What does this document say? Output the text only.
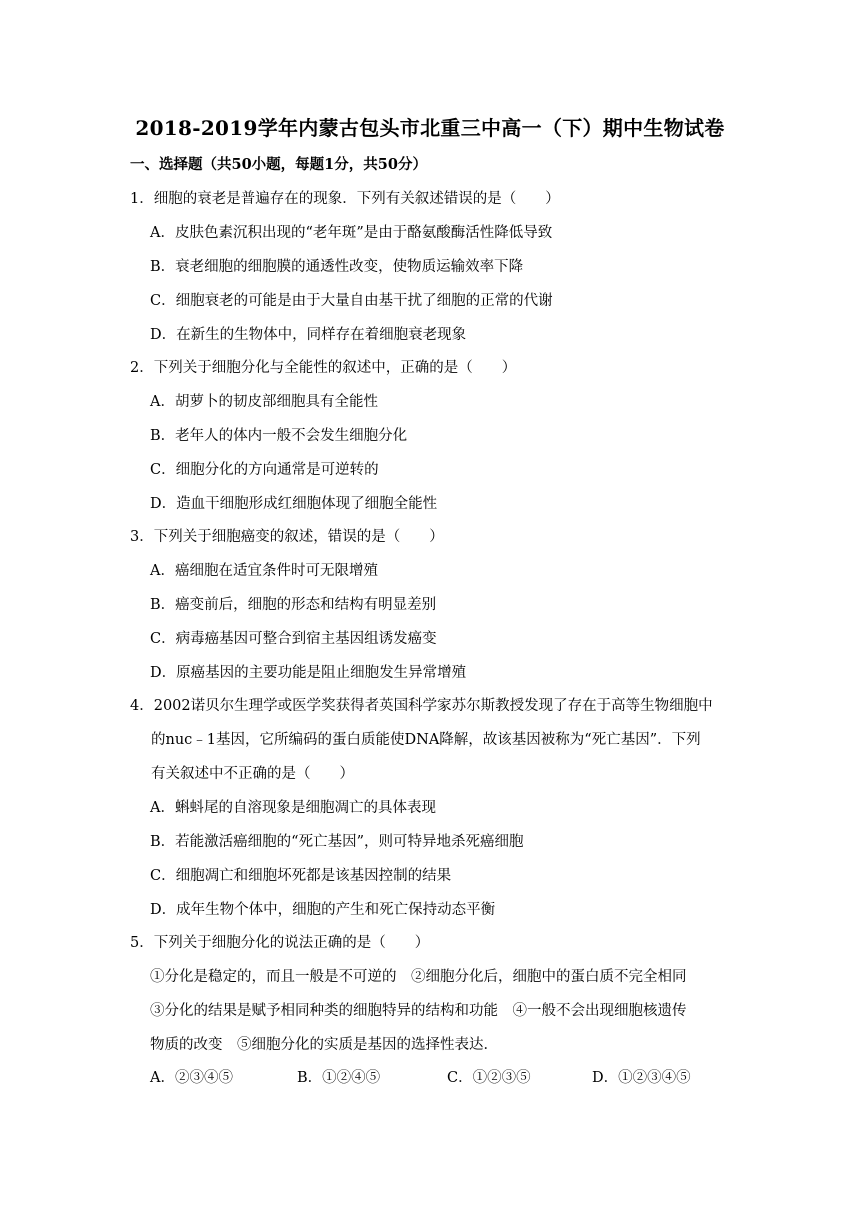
2018-2019学年内蒙古包头市北重三中高一（下）期中生物试卷
一、选择题（共50小题，每题1分，共50分）
1．细胞的衰老是普遍存在的现象．下列有关叙述错误的是（　　）
A．皮肤色素沉积出现的“老年斑”是由于酪氨酸酶活性降低导致
B．衰老细胞的细胞膜的通透性改变，使物质运输效率下降
C．细胞衰老的可能是由于大量自由基干扰了细胞的正常的代谢
D．在新生的生物体中，同样存在着细胞衰老现象
2．下列关于细胞分化与全能性的叙述中，正确的是（　　）
A．胡萝卜的韧皮部细胞具有全能性
B．老年人的体内一般不会发生细胞分化
C．细胞分化的方向通常是可逆转的
D．造血干细胞形成红细胞体现了细胞全能性
3．下列关于细胞癌变的叙述，错误的是（　　）
A．癌细胞在适宜条件时可无限增殖
B．癌变前后，细胞的形态和结构有明显差别
C．病毒癌基因可整合到宿主基因组诱发癌变
D．原癌基因的主要功能是阻止细胞发生异常增殖
4．2002诺贝尔生理学或医学奖获得者英国科学家苏尔斯教授发现了存在于高等生物细胞中
的nuc﹣1基因，它所编码的蛋白质能使DNA降解，故该基因被称为“死亡基因”．下列
有关叙述中不正确的是（　　）
A．蝌蚪尾的自溶现象是细胞凋亡的具体表现
B．若能激活癌细胞的“死亡基因”，则可特异地杀死癌细胞
C．细胞凋亡和细胞坏死都是该基因控制的结果
D．成年生物个体中，细胞的产生和死亡保持动态平衡
5．下列关于细胞分化的说法正确的是（　　）
①分化是稳定的，而且一般是不可逆的　②细胞分化后，细胞中的蛋白质不完全相同
③分化的结果是赋予相同种类的细胞特异的结构和功能　④一般不会出现细胞核遗传
物质的改变　⑤细胞分化的实质是基因的选择性表达．
A．②③④⑤	B．①②④⑤	C．①②③⑤	D．①②③④⑤
